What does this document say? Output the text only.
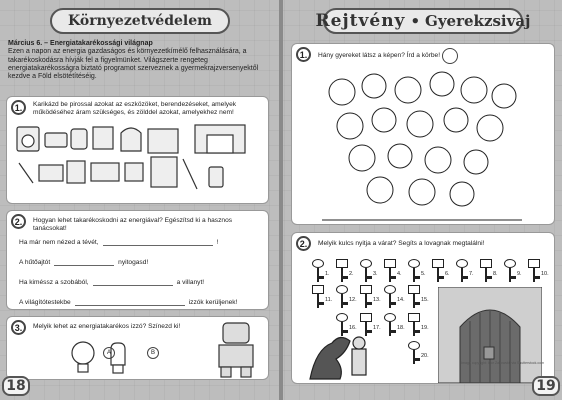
Környezetvédelem
Március 6. – Energiatakarékossági világnap

Ezen a napon az energia gazdaságos és környezetkímélő felhasználására, a takarékoskodásra hívják fel a figyelmünket. Világszerte rengeteg energiatakarékosságra biztató programot szerveznek a gyermekrajzversenyektől kezdve a Föld elsötétítéséig.

1.	Karikázd be pirossal azokat az eszközöket, berendezéseket, amelyek működéséhez áram szükséges, és zölddel azokat, amelyekhez nem!
2.	Hogyan lehet takarékoskodni az energiával? Egészítsd ki a hasznos tanácsokat!
Ha már nem nézed a tévét,	!
A hűtőajtót	nyitogasd!
Ha kiméssz a szobából,	a villanyt!
A világítótestekbe	izzók kerüljenek!
3.	Melyik lehet az energiatakarékos izzó? Színezd ki!
A	B
18
Rejtvény • Gyerekzsivaj
1.	Hány gyereket látsz a képen? Írd a körbe!
2.	Melyik kulcs nyitja a várat? Segíts a lovagnak megtalálni!
1.	2.	3.	4.	5.	6.	7.	8.	9.	10.
11.	12.	13.	14.	15.
16.	17.	18.	19.
20.
Image copyright: Igor Zakowski, via Shutterstock.com
19
